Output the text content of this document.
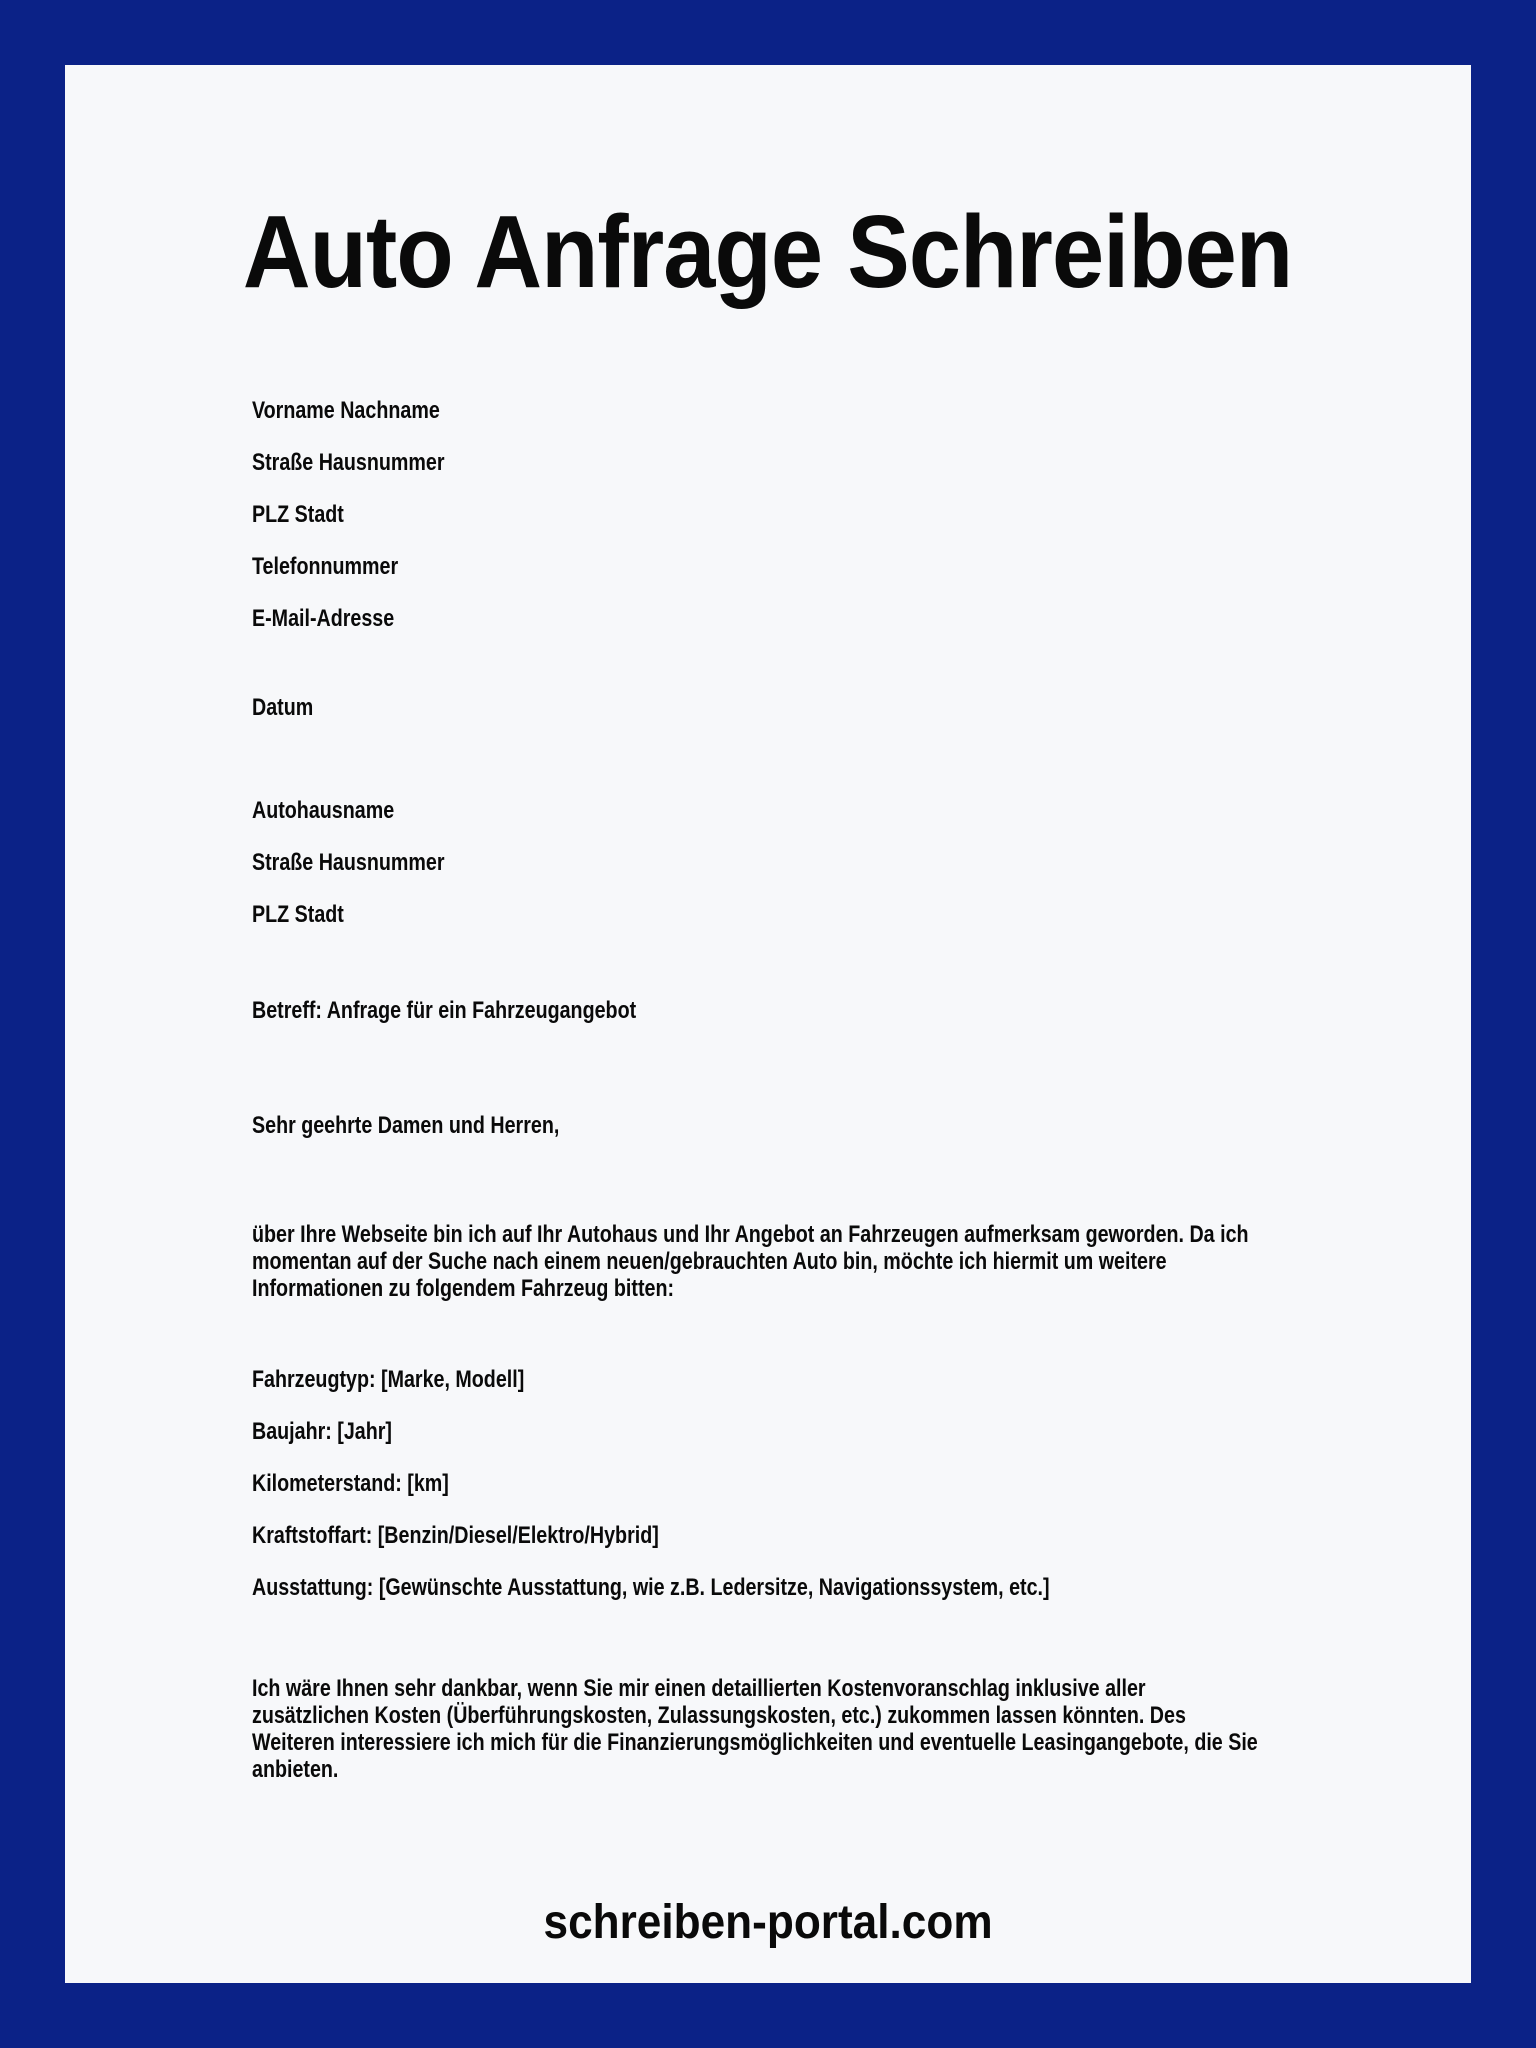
Auto Anfrage Schreiben
Vorname Nachname
Straße Hausnummer
PLZ Stadt
Telefonnummer
E-Mail-Adresse
Datum
Autohausname
Straße Hausnummer
PLZ Stadt
Betreff: Anfrage für ein Fahrzeugangebot
Sehr geehrte Damen und Herren,
über Ihre Webseite bin ich auf Ihr Autohaus und Ihr Angebot an Fahrzeugen aufmerksam geworden. Da ich
momentan auf der Suche nach einem neuen/gebrauchten Auto bin, möchte ich hiermit um weitere
Informationen zu folgendem Fahrzeug bitten:
Fahrzeugtyp: [Marke, Modell]
Baujahr: [Jahr]
Kilometerstand: [km]
Kraftstoffart: [Benzin/Diesel/Elektro/Hybrid]
Ausstattung: [Gewünschte Ausstattung, wie z.B. Ledersitze, Navigationssystem, etc.]
Ich wäre Ihnen sehr dankbar, wenn Sie mir einen detaillierten Kostenvoranschlag inklusive aller
zusätzlichen Kosten (Überführungskosten, Zulassungskosten, etc.) zukommen lassen könnten. Des
Weiteren interessiere ich mich für die Finanzierungsmöglichkeiten und eventuelle Leasingangebote, die Sie
anbieten.
schreiben-portal.com
